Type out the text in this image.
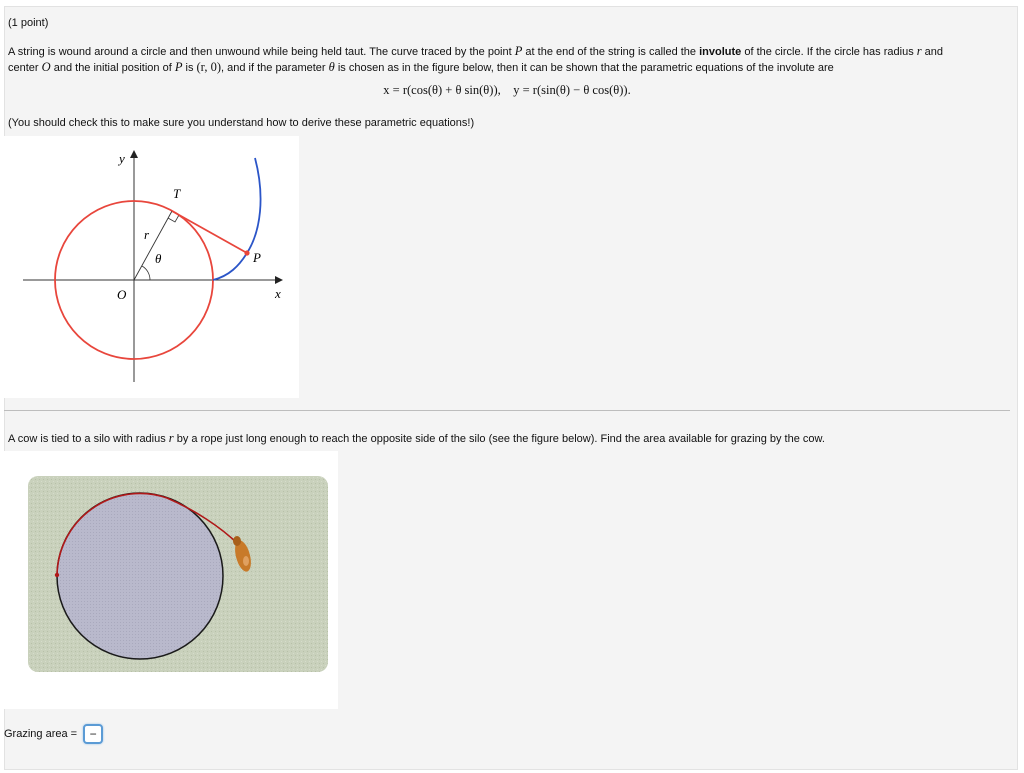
(1 point)
A string is wound around a circle and then unwound while being held taut. The curve traced by the point P at the end of the string is called the involute of the circle. If the circle has radius r and
center O and the initial position of P is (r, 0), and if the parameter θ is chosen as in the figure below, then it can be shown that the parametric equations of the involute are
x = r(cos(θ) + θ sin(θ)), y = r(sin(θ) − θ cos(θ)).
(You should check this to make sure you understand how to derive these parametric equations!)
y
x
O
T
P
r
θ
A cow is tied to a silo with radius r by a rope just long enough to reach the opposite side of the silo (see the figure below). Find the area available for grazing by the cow.
Grazing area = −
